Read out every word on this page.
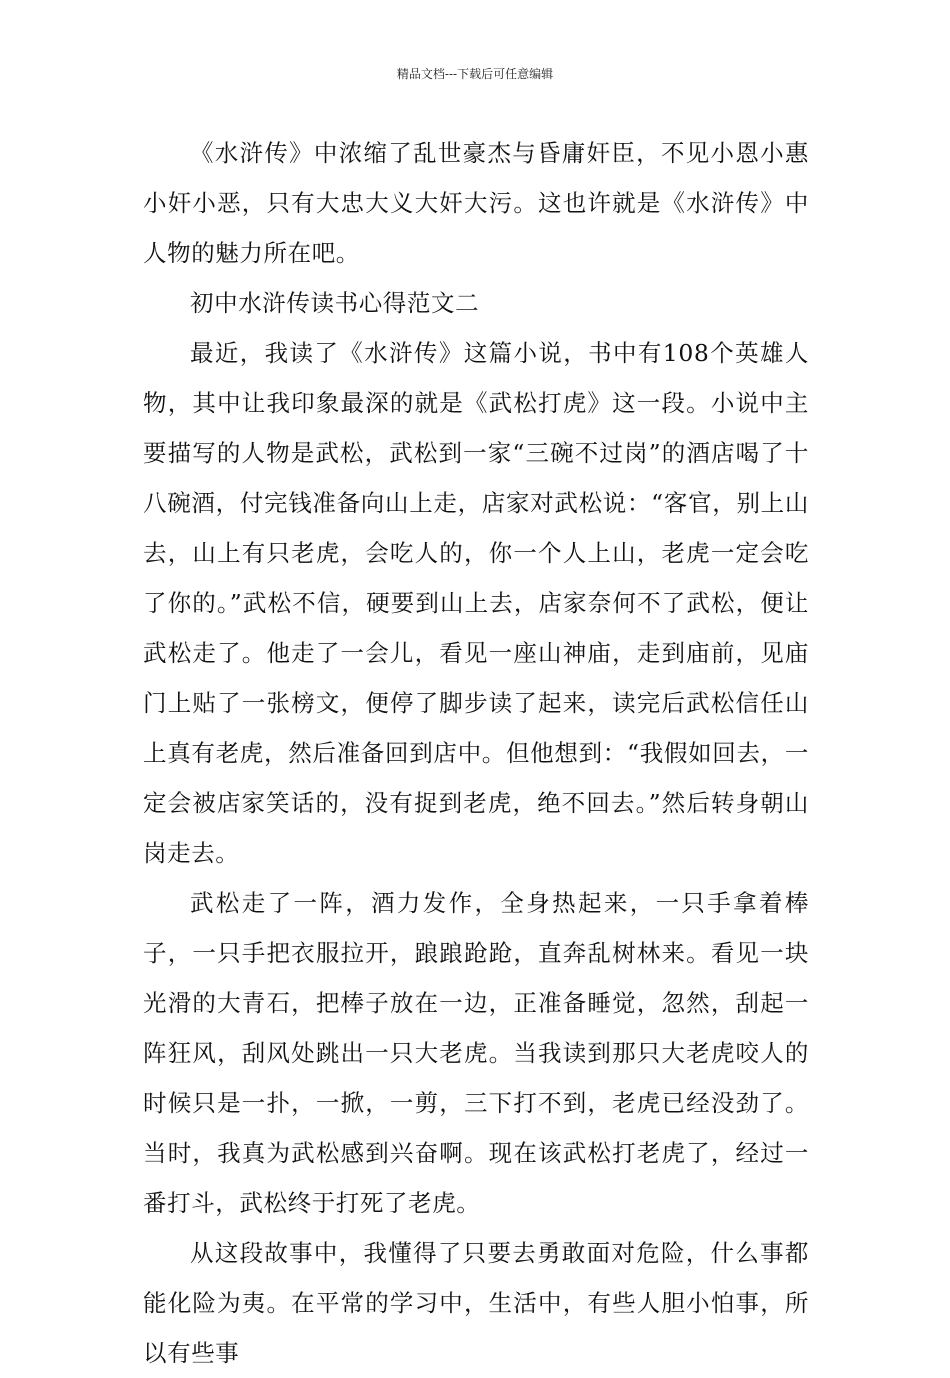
精品文档---下载后可任意编辑

《水浒传》中浓缩了乱世豪杰与昏庸奸臣，不见小恩小惠小奸小恶，只有大忠大义大奸大污。这也许就是《水浒传》中人物的魅力所在吧。

初中水浒传读书心得范文二

最近，我读了《水浒传》这篇小说，书中有108个英雄人物，其中让我印象最深的就是《武松打虎》这一段。小说中主要描写的人物是武松，武松到一家“三碗不过岗”的酒店喝了十八碗酒，付完钱准备向山上走，店家对武松说：“客官，别上山去，山上有只老虎，会吃人的，你一个人上山，老虎一定会吃了你的。”武松不信，硬要到山上去，店家奈何不了武松，便让武松走了。他走了一会儿，看见一座山神庙，走到庙前，见庙门上贴了一张榜文，便停了脚步读了起来，读完后武松信任山上真有老虎，然后准备回到店中。但他想到：“我假如回去，一定会被店家笑话的，没有捉到老虎，绝不回去。”然后转身朝山岗走去。

武松走了一阵，酒力发作，全身热起来，一只手拿着棒子，一只手把衣服拉开，踉踉跄跄，直奔乱树林来。看见一块光滑的大青石，把棒子放在一边，正准备睡觉，忽然，刮起一阵狂风，刮风处跳出一只大老虎。当我读到那只大老虎咬人的时候只是一扑，一掀，一剪，三下打不到，老虎已经没劲了。当时，我真为武松感到兴奋啊。现在该武松打老虎了，经过一番打斗，武松终于打死了老虎。

从这段故事中，我懂得了只要去勇敢面对危险，什么事都能化险为夷。在平常的学习中，生活中，有些人胆小怕事，所以有些事
